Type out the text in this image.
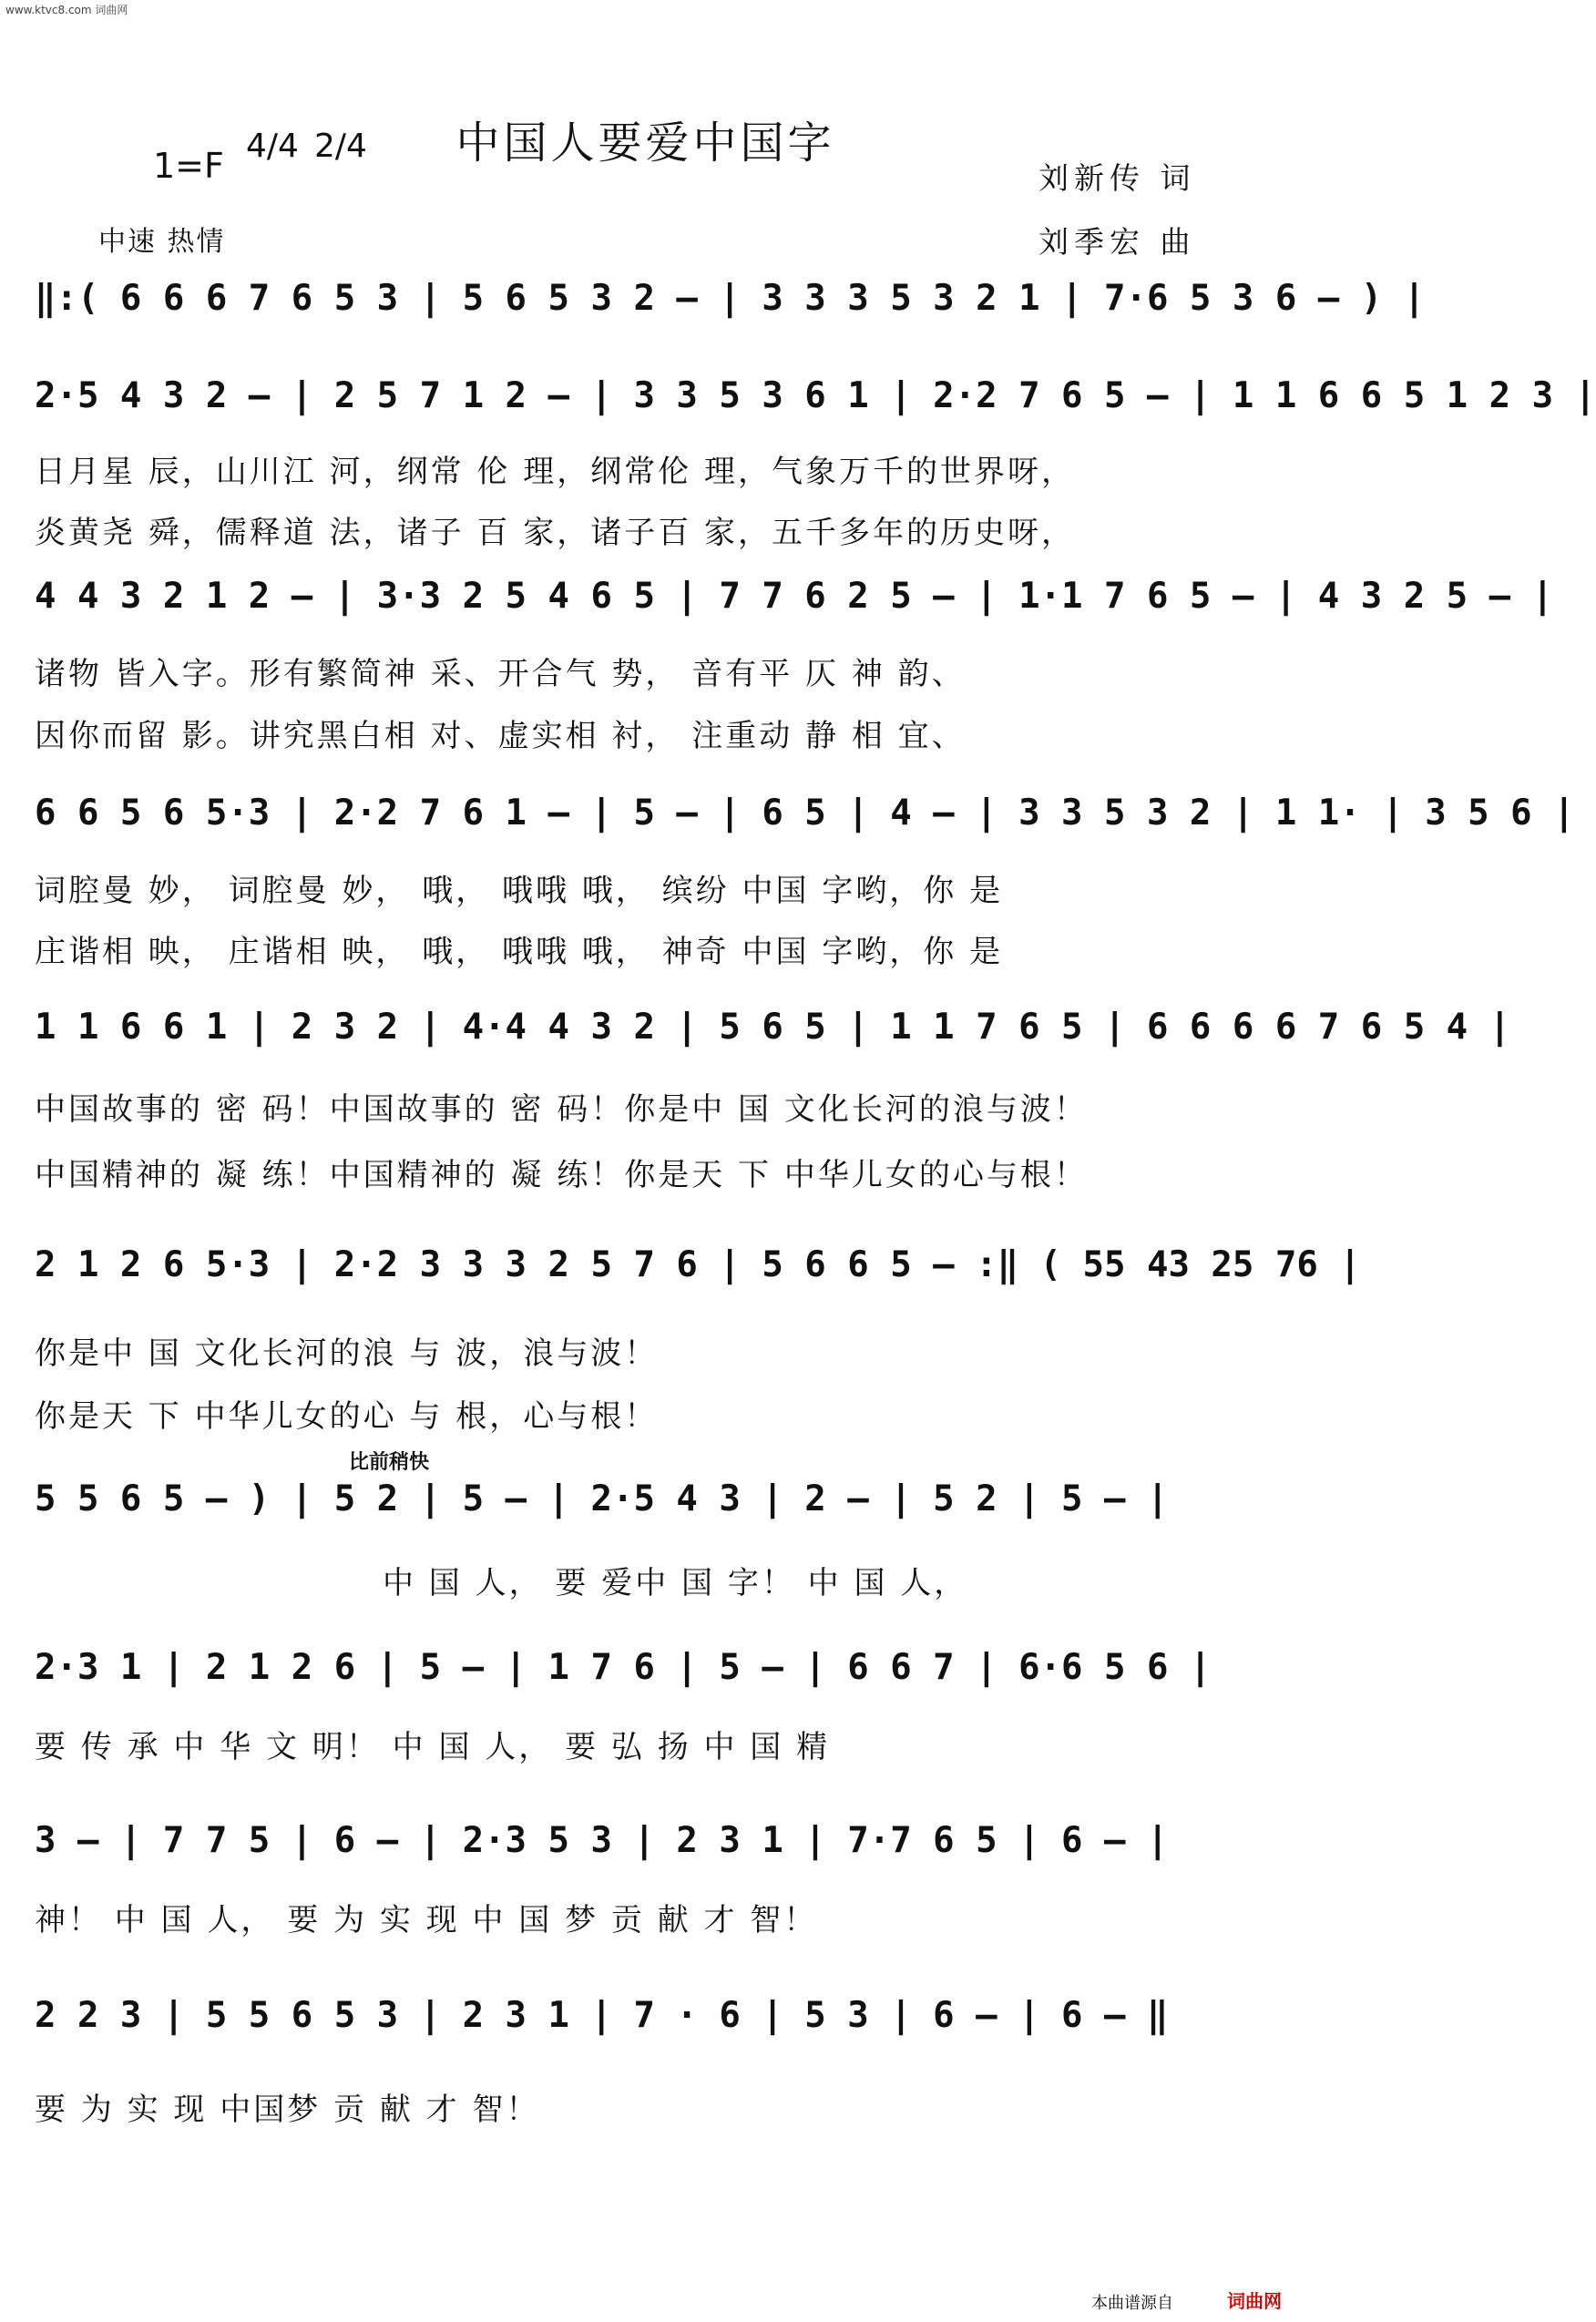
www.ktvc8.com 词曲网
中国人要爱中国字
1=F 4/4 2/4
中速 热情
刘新传 词
刘季宏 曲
‖:( 6 6 6 7 6 5 3 | 5 6 5 3 2 — | 3 3 3 5 3 2 1 | 7·6 5 3 6 — ) |
2·5 4 3 2 — | 2 5 7 1 2 — | 3 3 5 3 6 1 | 2·2 7 6 5 — | 1 1 6 6 5 1 2 3 |
日月星 辰，山川江 河，纲常 伦 理，纲常伦 理，气象万千的世界呀，
炎黄尧 舜，儒释道 法，诸子 百 家，诸子百 家，五千多年的历史呀，
4 4 3 2 1 2 — | 3·3 2 5 4 6 5 | 7 7 6 2 5 — | 1·1 7 6 5 — | 4 3 2 5 — |
诸物 皆入字。形有繁简神 采、开合气 势， 音有平 仄 神 韵、
因你而留 影。讲究黑白相 对、虚实相 衬， 注重动 静 相 宜、
6 6 5 6 5·3 | 2·2 7 6 1 — | 5 — | 6 5 | 4 — | 3 3 5 3 2 | 1 1· | 3 5 6 |
词腔曼 妙， 词腔曼 妙， 哦， 哦哦 哦， 缤纷 中国 字哟，你 是
庄谐相 映， 庄谐相 映， 哦， 哦哦 哦， 神奇 中国 字哟，你 是
1 1 6 6 1 | 2 3 2 | 4·4 4 3 2 | 5 6 5 | 1 1 7 6 5 | 6 6 6 6 7 6 5 4 |
中国故事的 密 码！中国故事的 密 码！你是中 国 文化长河的浪与波！
中国精神的 凝 练！中国精神的 凝 练！你是天 下 中华儿女的心与根！
2 1 2 6 5·3 | 2·2 3 3 3 2 5 7 6 | 5 6 6 5 — :‖ ( 55 43 25 76 |
你是中 国 文化长河的浪 与 波，浪与波！
你是天 下 中华儿女的心 与 根，心与根！
比前稍快
5 5 6 5 — ) | 5 2 | 5 — | 2·5 4 3 | 2 — | 5 2 | 5 — |
中 国 人， 要 爱中 国 字！ 中 国 人，
2·3 1 | 2 1 2 6 | 5 — | 1 7 6 | 5 — | 6 6 7 | 6·6 5 6 |
要 传 承 中 华 文 明！ 中 国 人， 要 弘 扬 中 国 精
3 — | 7 7 5 | 6 — | 2·3 5 3 | 2 3 1 | 7·7 6 5 | 6 — |
神！ 中 国 人， 要 为 实 现 中 国 梦 贡 献 才 智！
2 2 3 | 5 5 6 5 3 | 2 3 1 | 7 · 6 | 5 3 | 6 — | 6 — ‖
要 为 实 现 中国梦 贡 献 才 智！
本曲谱源自	词曲网
